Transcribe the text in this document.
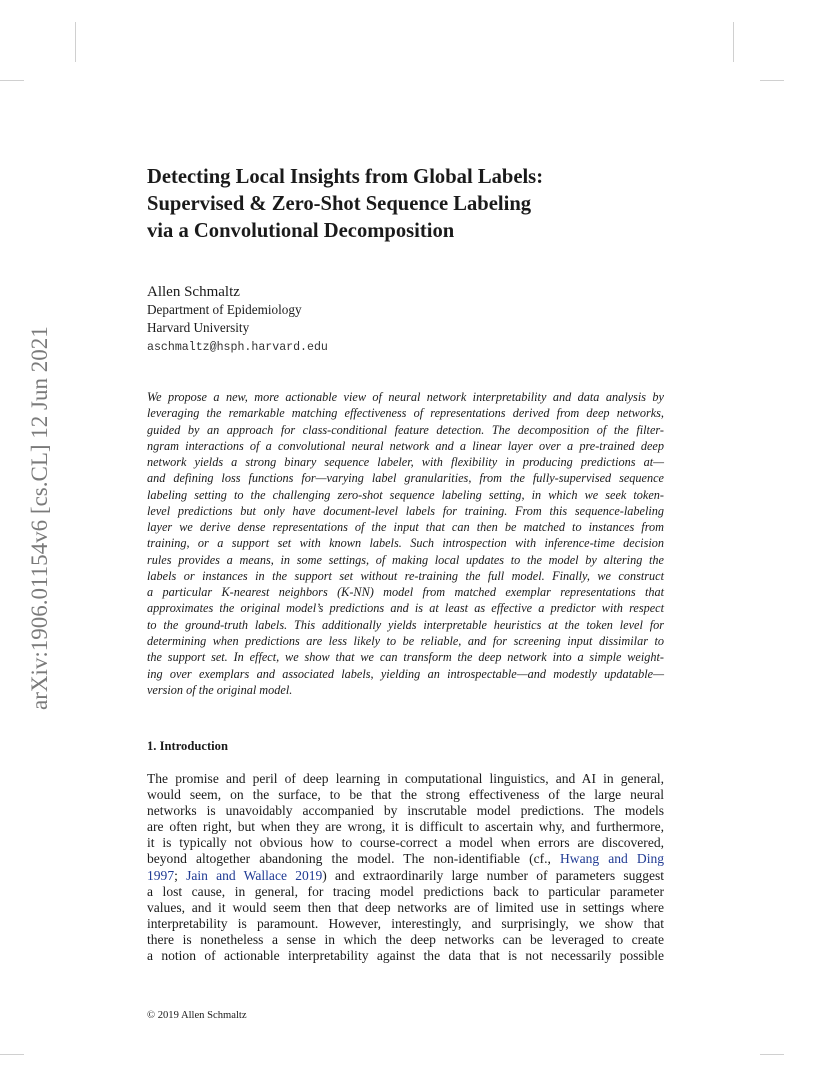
arXiv:1906.01154v6 [cs.CL] 12 Jun 2021
Detecting Local Insights from Global Labels:
Supervised & Zero-Shot Sequence Labeling
via a Convolutional Decomposition
Allen Schmaltz
Department of Epidemiology
Harvard University
aschmaltz@hsph.harvard.edu

We propose a new, more actionable view of neural network interpretability and data analysis by
leveraging the remarkable matching effectiveness of representations derived from deep networks,
guided by an approach for class-conditional feature detection. The decomposition of the filter-
ngram interactions of a convolutional neural network and a linear layer over a pre-trained deep
network yields a strong binary sequence labeler, with flexibility in producing predictions at—
and defining loss functions for—varying label granularities, from the fully-supervised sequence
labeling setting to the challenging zero-shot sequence labeling setting, in which we seek token-
level predictions but only have document-level labels for training. From this sequence-labeling
layer we derive dense representations of the input that can then be matched to instances from
training, or a support set with known labels. Such introspection with inference-time decision
rules provides a means, in some settings, of making local updates to the model by altering the
labels or instances in the support set without re-training the full model. Finally, we construct
a particular K-nearest neighbors (K-NN) model from matched exemplar representations that
approximates the original model’s predictions and is at least as effective a predictor with respect
to the ground-truth labels. This additionally yields interpretable heuristics at the token level for
determining when predictions are less likely to be reliable, and for screening input dissimilar to
the support set. In effect, we show that we can transform the deep network into a simple weight-
ing over exemplars and associated labels, yielding an introspectable—and modestly updatable—
version of the original model.

1. Introduction

The promise and peril of deep learning in computational linguistics, and AI in general,
would seem, on the surface, to be that the strong effectiveness of the large neural
networks is unavoidably accompanied by inscrutable model predictions. The models
are often right, but when they are wrong, it is difficult to ascertain why, and furthermore,
it is typically not obvious how to course-correct a model when errors are discovered,
beyond altogether abandoning the model. The non-identifiable (cf., Hwang and Ding
1997; Jain and Wallace 2019) and extraordinarily large number of parameters suggest
a lost cause, in general, for tracing model predictions back to particular parameter
values, and it would seem then that deep networks are of limited use in settings where
interpretability is paramount. However, interestingly, and surprisingly, we show that
there is nonetheless a sense in which the deep networks can be leveraged to create
a notion of actionable interpretability against the data that is not necessarily possible

© 2019 Allen Schmaltz
